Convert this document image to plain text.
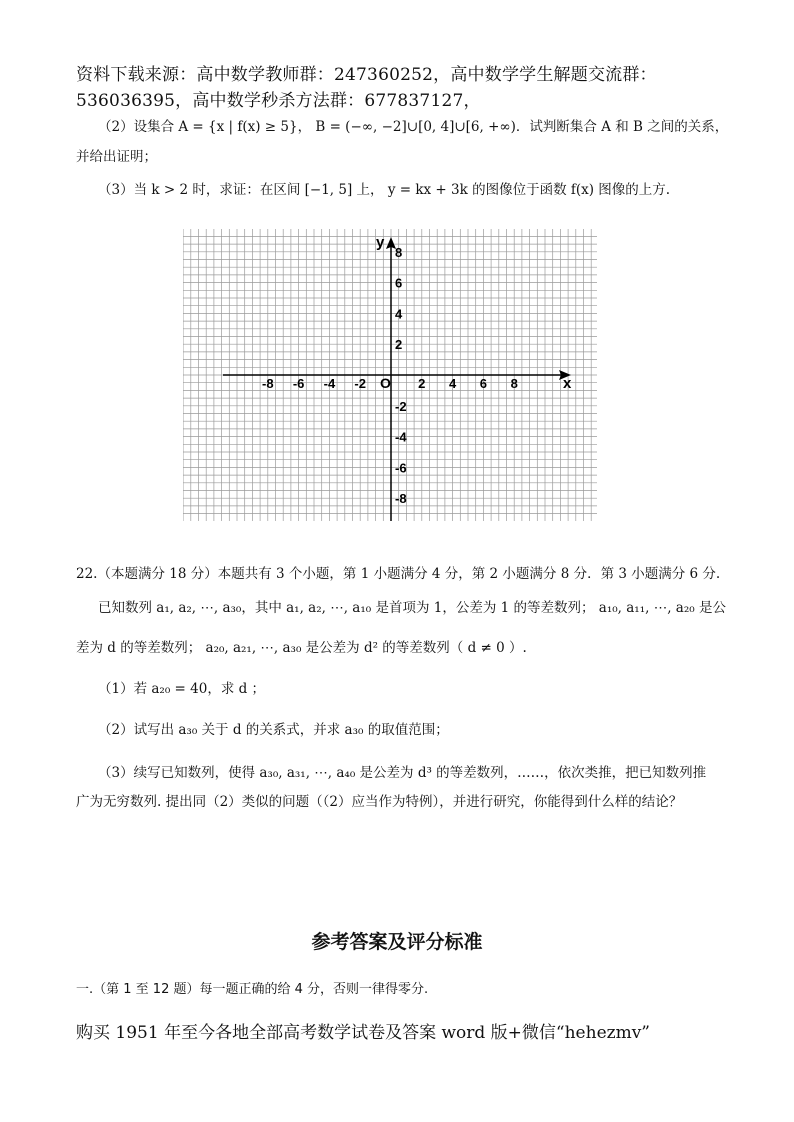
资料下载来源：高中数学教师群：247360252，高中数学学生解题交流群：
536036395，高中数学秒杀方法群：677837127，
（2）设集合 A = {x | f(x) ≥ 5}， B = (−∞, −2]∪[0, 4]∪[6, +∞)．试判断集合 A 和 B 之间的关系，
并给出证明；
（3）当 k > 2 时，求证：在区间 [−1, 5] 上， y = kx + 3k 的图像位于函数 f(x) 图像的上方.
-8 -6 -4 -2	2 4 6 8
8
6
4
2
-2
-4
-6
-8
x
y
O
22.（本题满分 18 分）本题共有 3 个小题，第 1 小题满分 4 分，第 2 小题满分 8 分．第 3 小题满分 6 分.
已知数列 a₁, a₂, ⋯, a₃₀，其中 a₁, a₂, ⋯, a₁₀ 是首项为 1，公差为 1 的等差数列； a₁₀, a₁₁, ⋯, a₂₀ 是公
差为 d 的等差数列； a₂₀, a₂₁, ⋯, a₃₀ 是公差为 d² 的等差数列（ d ≠ 0 ）.
（1）若 a₂₀ = 40，求 d ；
（2）试写出 a₃₀ 关于 d 的关系式，并求 a₃₀ 的取值范围；
（3）续写已知数列，使得 a₃₀, a₃₁, ⋯, a₄₀ 是公差为 d³ 的等差数列，……，依次类推，把已知数列推
广为无穷数列. 提出同（2）类似的问题（（2）应当作为特例），并进行研究，你能得到什么样的结论？
参考答案及评分标准
一.（第 1 至 12 题）每一题正确的给 4 分，否则一律得零分.
购买 1951 年至今各地全部高考数学试卷及答案 word 版+微信“hehezmv”
